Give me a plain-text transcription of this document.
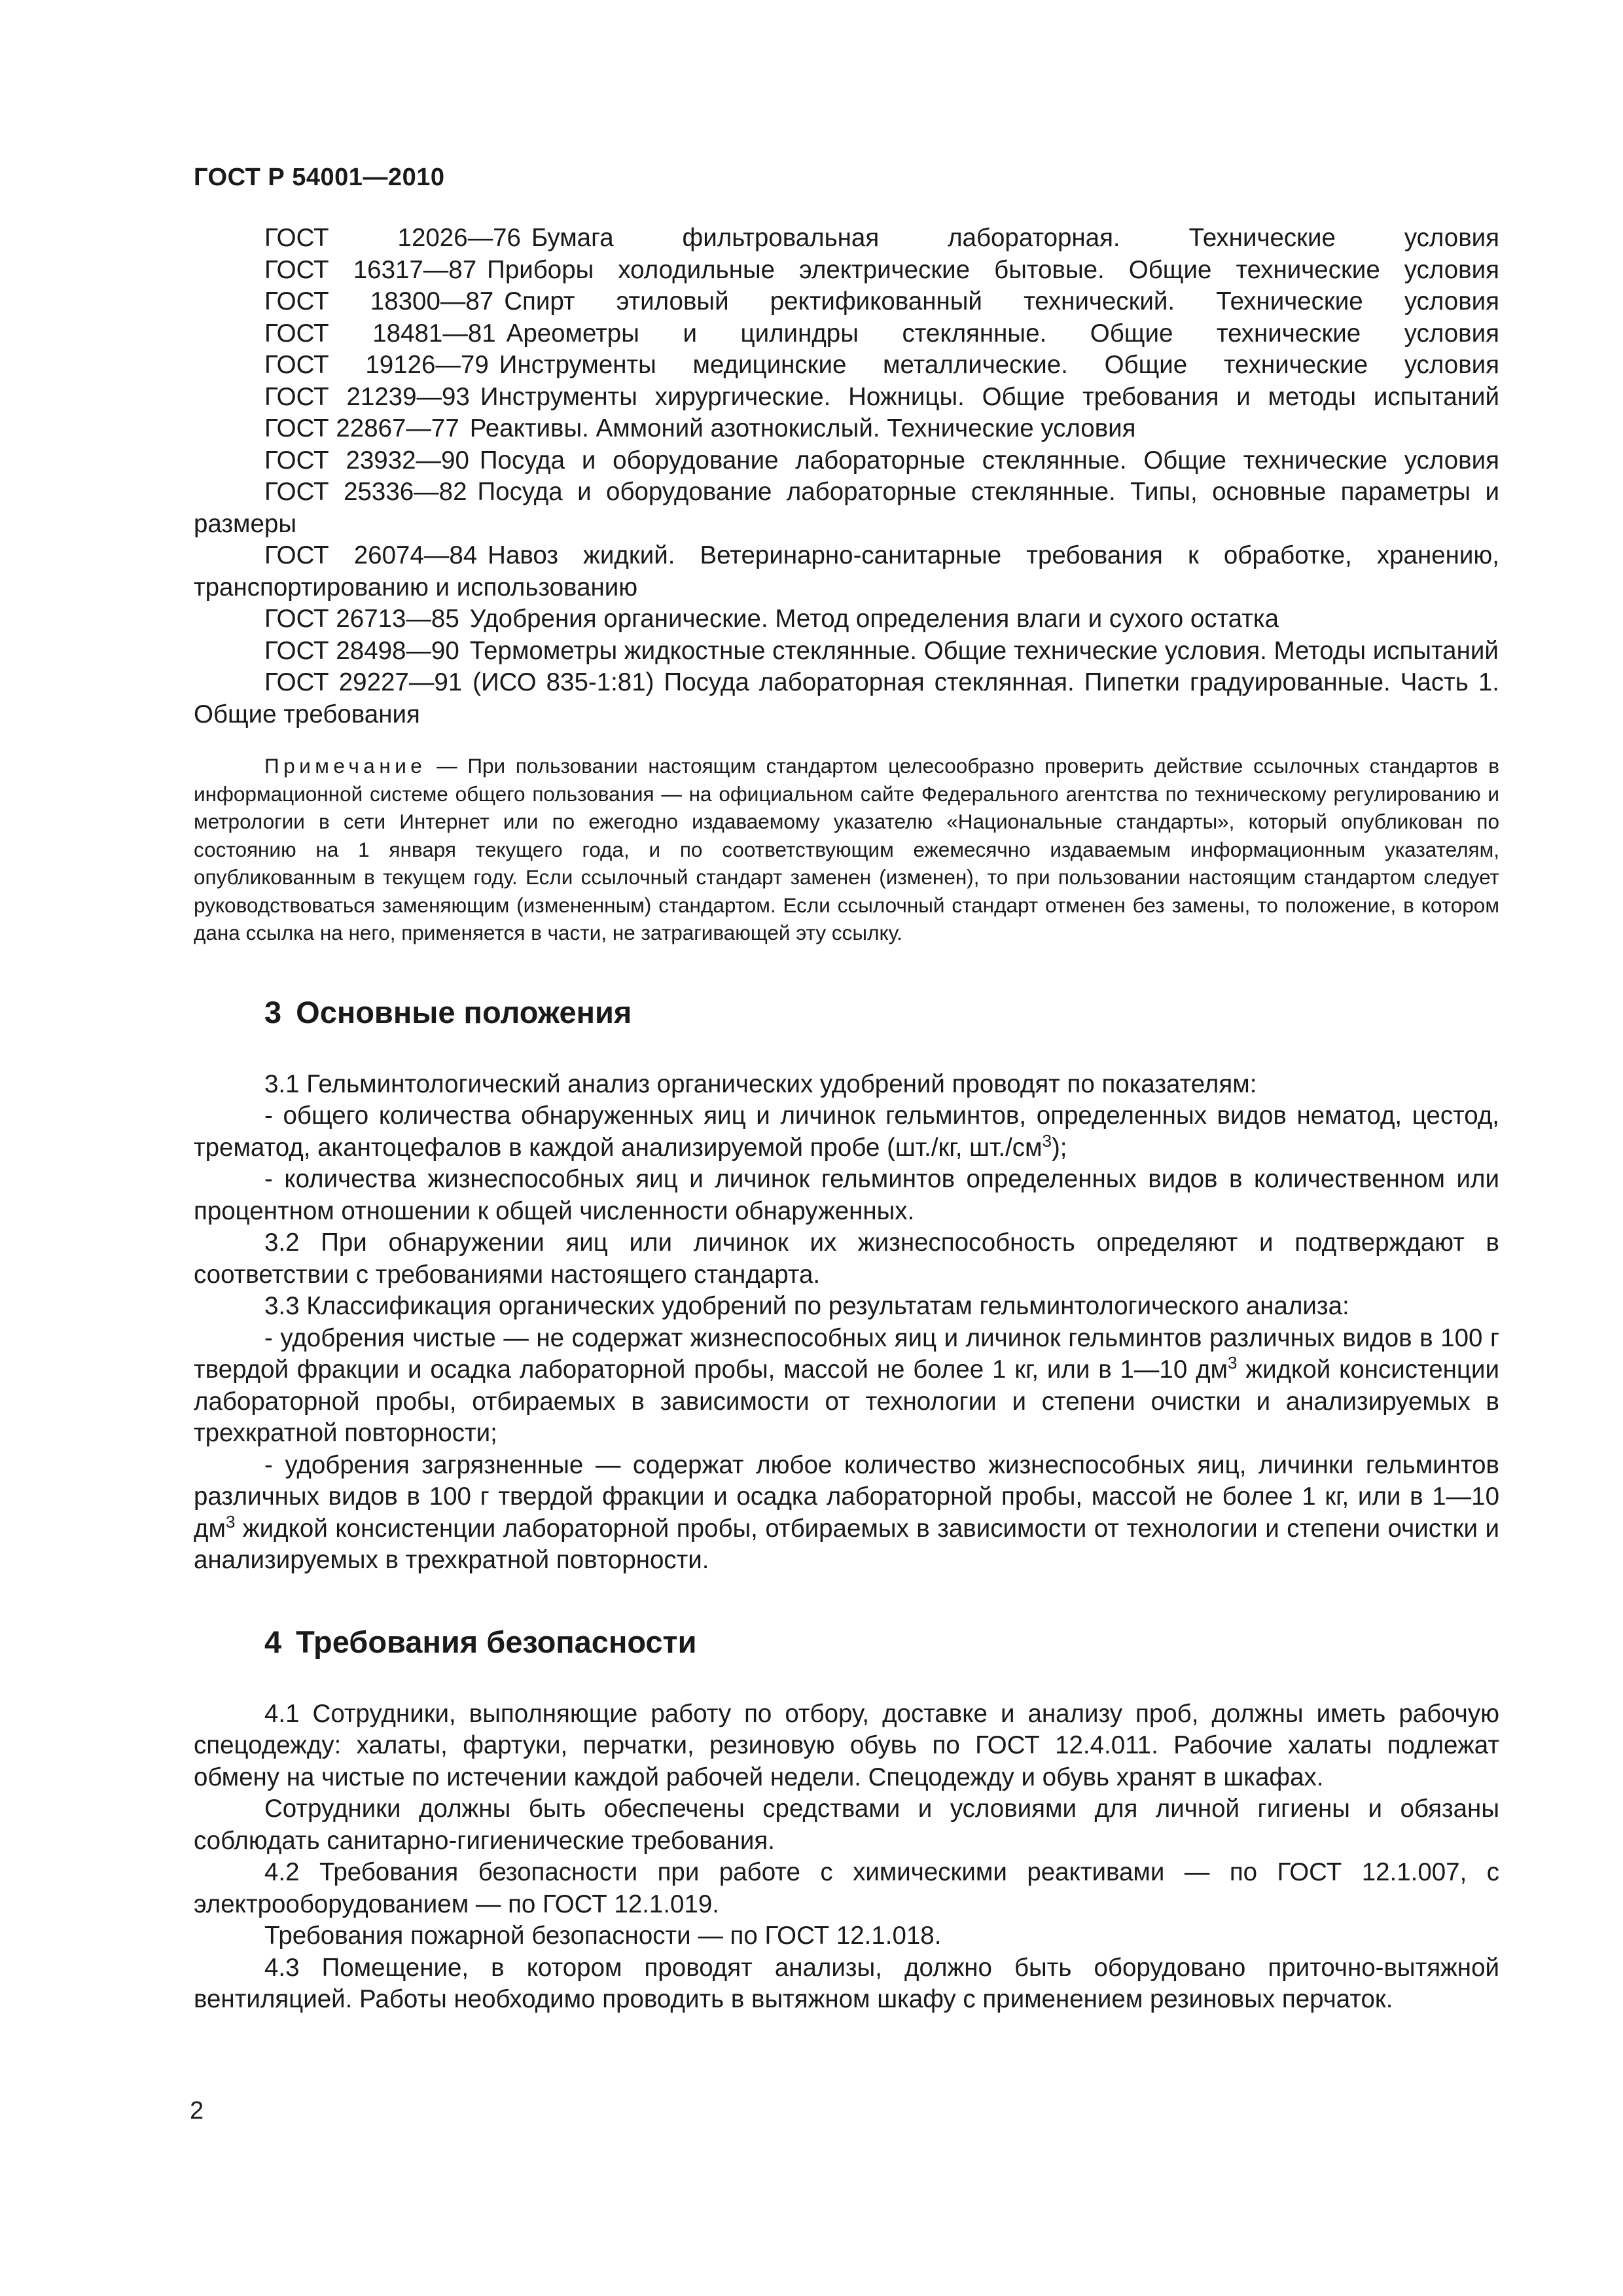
ГОСТ Р 54001—2010

ГОСТ 12026—76 Бумага фильтровальная лабораторная. Технические условия

ГОСТ 16317—87 Приборы холодильные электрические бытовые. Общие технические условия

ГОСТ 18300—87 Спирт этиловый ректификованный технический. Технические условия

ГОСТ 18481—81 Ареометры и цилиндры стеклянные. Общие технические условия

ГОСТ 19126—79 Инструменты медицинские металлические. Общие технические условия

ГОСТ 21239—93 Инструменты хирургические. Ножницы. Общие требования и методы испытаний

ГОСТ 22867—77 Реактивы. Аммоний азотнокислый. Технические условия

ГОСТ 23932—90 Посуда и оборудование лабораторные стеклянные. Общие технические условия

ГОСТ 25336—82 Посуда и оборудование лабораторные стеклянные. Типы, основные параметры и размеры

ГОСТ 26074—84 Навоз жидкий. Ветеринарно-санитарные требования к обработке, хранению, транспортированию и использованию

ГОСТ 26713—85 Удобрения органические. Метод определения влаги и сухого остатка

ГОСТ 28498—90 Термометры жидкостные стеклянные. Общие технические условия. Методы испытаний

ГОСТ 29227—91 (ИСО 835-1:81) Посуда лабораторная стеклянная. Пипетки градуированные. Часть 1. Общие требования

Примечание — При пользовании настоящим стандартом целесообразно проверить действие ссылочных стандартов в информационной системе общего пользования — на официальном сайте Федерального агентства по техническому регулированию и метрологии в сети Интернет или по ежегодно издаваемому указателю «Национальные стандарты», который опубликован по состоянию на 1 января текущего года, и по соответствующим ежемесячно издаваемым информационным указателям, опубликованным в текущем году. Если ссылочный стандарт заменен (изменен), то при пользовании настоящим стандартом следует руководствоваться заменяющим (измененным) стандартом. Если ссылочный стандарт отменен без замены, то положение, в котором дана ссылка на него, применяется в части, не затрагивающей эту ссылку.

3 Основные положения

3.1 Гельминтологический анализ органических удобрений проводят по показателям:

- общего количества обнаруженных яиц и личинок гельминтов, определенных видов нематод, цестод, трематод, акантоцефалов в каждой анализируемой пробе (шт./кг, $шт./см^3$);

- количества жизнеспособных яиц и личинок гельминтов определенных видов в количественном или процентном отношении к общей численности обнаруженных.

3.2 При обнаружении яиц или личинок их жизнеспособность определяют и подтверждают в соответствии с требованиями настоящего стандарта.

3.3 Классификация органических удобрений по результатам гельминтологического анализа:

- удобрения чистые — не содержат жизнеспособных яиц и личинок гельминтов различных видов в 100 г твердой фракции и осадка лабораторной пробы, массой не более 1 кг, или в 1—10 $дм^3$ жидкой консистенции лабораторной пробы, отбираемых в зависимости от технологии и степени очистки и анализируемых в трехкратной повторности;

- удобрения загрязненные — содержат любое количество жизнеспособных яиц, личинки гельминтов различных видов в 100 г твердой фракции и осадка лабораторной пробы, массой не более 1 кг, или в 1—10 $дм^3$ жидкой консистенции лабораторной пробы, отбираемых в зависимости от технологии и степени очистки и анализируемых в трехкратной повторности.

4 Требования безопасности

4.1 Сотрудники, выполняющие работу по отбору, доставке и анализу проб, должны иметь рабочую спецодежду: халаты, фартуки, перчатки, резиновую обувь по ГОСТ 12.4.011. Рабочие халаты подлежат обмену на чистые по истечении каждой рабочей недели. Спецодежду и обувь хранят в шкафах.

Сотрудники должны быть обеспечены средствами и условиями для личной гигиены и обязаны соблюдать санитарно-гигиенические требования.

4.2 Требования безопасности при работе с химическими реактивами — по ГОСТ 12.1.007, с электрооборудованием — по ГОСТ 12.1.019.

Требования пожарной безопасности — по ГОСТ 12.1.018.

4.3 Помещение, в котором проводят анализы, должно быть оборудовано приточно-вытяжной вентиляцией. Работы необходимо проводить в вытяжном шкафу с применением резиновых перчаток.

2
